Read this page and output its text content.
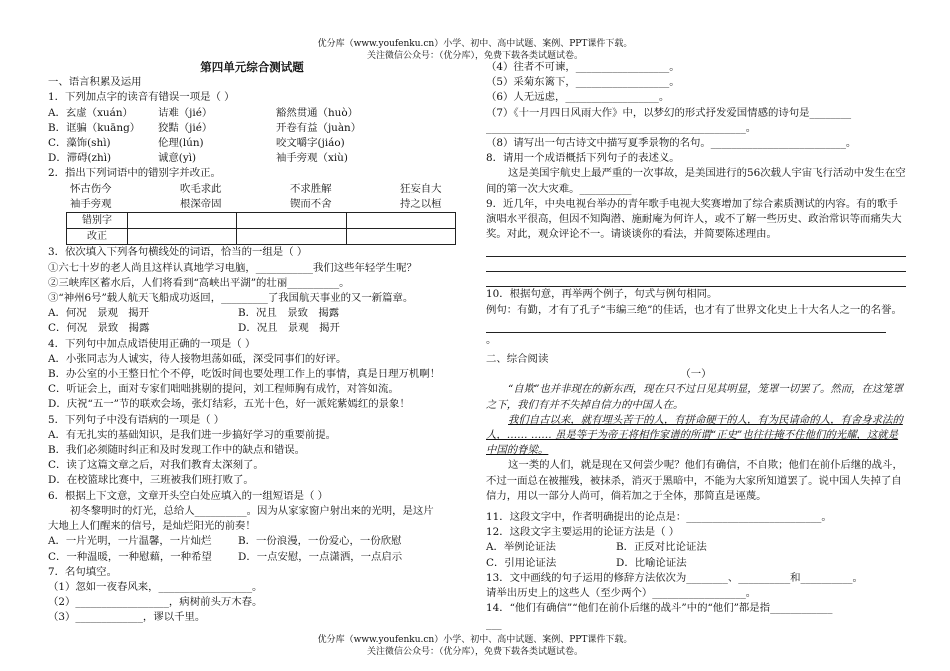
优分库（www.youfenku.cn）小学、初中、高中试题、案例、PPT课件下载。
关注微信公众号：（优分库），免费下载各类试题试卷。
第四单元综合测试题
一、语言积累及运用
1．下列加点字的读音有错误一项是（ ）
A．玄虚（xuán）	诘难（jié）	豁然贯通（huò）
B．诓骗（kuāng）	狡黠（jié）	开卷有益（juàn）
C．藻饰(shì)	伦理(lún)	咬文嚼字(jiáo)
D．滞碍(zhì)	诚意(yì)	袖手旁观（xiù)
2．指出下列词语中的错别字并改正。
怀古伤今	吹毛求此	不求胜解	狂妄自大
袖手旁观	根深帝固	锲而不舍	持之以桓
错别字			
改正			
3．依次填入下列各句横线处的词语，恰当的一组是（ ）
①六七十岁的老人尚且这样认真地学习电脑，___________我们这些年轻学生呢？
②三峡库区蓄水后，人们将看到“高峡出平湖”的壮丽__________。
③“神州6号”载人航天飞船成功返回，_________了我国航天事业的又一新篇章。
A．何况　景观　揭开	B．况且　景致　揭露
C．何况　景致　揭露	D．况且　景观　揭开
4．下列句中加点成语使用正确的一项是（ ）
A．小张同志为人诚实，待人接物坦荡如砥，深受同事们的好评。
B．办公室的小王整日忙个不停，吃饭时间也要处理工作上的事情，真是日理万机啊！
C．听证会上，面对专家们咄咄挑剔的提问，刘工程师胸有成竹，对答如流。
D．庆祝“五一”节的联欢会场，张灯结彩，五光十色，好一派姹紫嫣红的景象！
5．下列句子中没有语病的一项是（ ）
A．有无扎实的基础知识，是我们进一步搞好学习的重要前提。
B．我们必须随时纠正和及时发现工作中的缺点和错误。
C．读了这篇文章之后，对我们教育太深刻了。
D．在校篮球比赛中，三班被我们班打败了。
6．根据上下文意，文章开头空白处应填入的一组短语是（ ）
初冬黎明时的灯光，总给人__________。因为从家家窗户射出来的光明，是这片
大地上人们醒来的信号，是灿烂阳光的前奏！
A．一片光明，一片温馨，一片灿烂	B．一份浪漫，一份爱心，一份欣慰
C．一种温暖，一种慰藉，一种希望	D．一点安慰，一点潇洒，一点启示
7．名句填空。
（1）忽如一夜春风来，__________________。
（2）__________________，病树前头万木春。
（3）_____________，谬以千里。
（4）往者不可谏，__________________。
（5）采菊东篱下，__________________。
（6）人无远虑，__________________。
（7）《十一月四日风雨大作》中，以梦幻的形式抒发爱国情感的诗句是________
__________________________________________________。
（8）请写出一句古诗文中描写夏季景物的名句。__________________________。
8．请用一个成语概括下列句子的表述义。
这是美国宇航史上最严重的一次事故，是美国进行的56次载人宇宙飞行活动中发生在空间的第一次大灾难。__________
9．近几年，中央电视台举办的青年歌手电视大奖赛增加了综合素质测试的内容。有的歌手演唱水平很高，但因不知陶潜、施耐庵为何许人，或不了解一些历史、政治常识等而痛失大奖。对此，观众评论不一。请谈谈你的看法，并简要陈述理由。
10．根据句意，再举两个例子，句式与例句相同。
例句：有勤，才有了孔子“韦编三绝”的佳话，也才有了世界文化史上十大名人之一的名誉。
。
二、综合阅读
（一）
“自欺”也并非现在的新东西，现在只不过日见其明显，笼罩一切罢了。然而，在这笼罩之下，我们有并不失掉自信力的中国人在。
我们自古以来，就有埋头苦干的人，有拼命硬干的人，有为民请命的人，有舍身求法的人，…… …… 虽是等于为帝王将相作家谱的所谓“正史”也往往掩不住他们的光耀，这就是中国的脊梁。
这一类的人们，就是现在又何尝少呢？他们有确信，不自欺；他们在前仆后继的战斗，不过一面总在被摧残，被抹杀，消灭于黑暗中，不能为大家所知道罢了。说中国人失掉了自信力，用以一部分人尚可，倘若加之于全体，那简直是诬蔑。
11．这段文字中，作者明确提出的论点是：__________________________。
12．这段文字主要运用的论证方法是（ ）
A．举例论证法	B．正反对比论证法
C．引用论证法	D．比喻论证法
13．文中画线的句子运用的修辞方法依次为________、__________和__________。
请举出历史上的这些人（至少两个）__________________。
14．“他们有确信”“他们在前仆后继的战斗”中的“他们”都是指____________
___
优分库（www.youfenku.cn）小学、初中、高中试题、案例、PPT课件下载。
关注微信公众号：（优分库），免费下载各类试题试卷。
